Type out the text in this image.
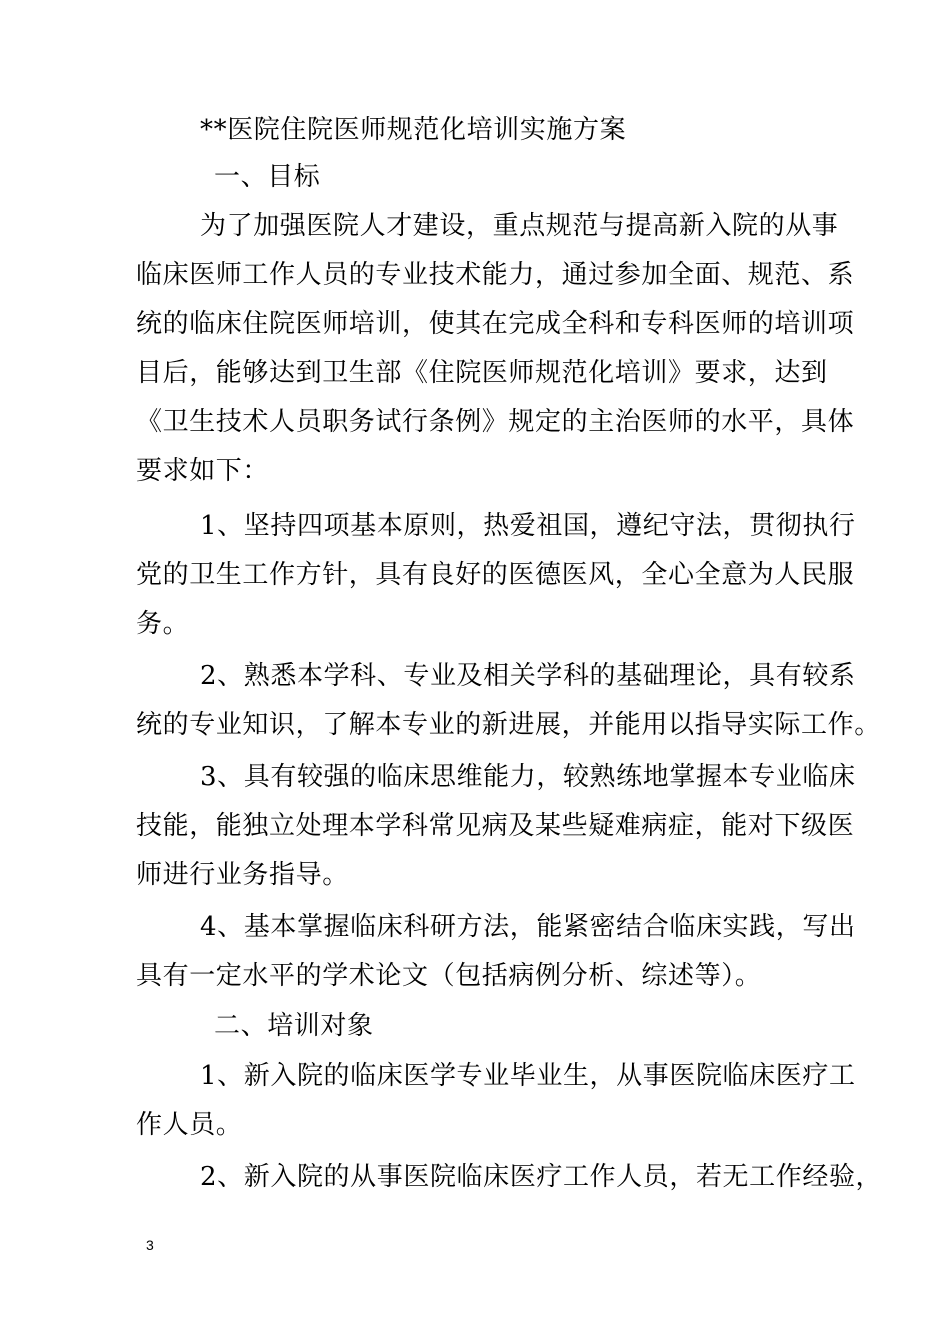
**医院住院医师规范化培训实施方案
一、目标
为了加强医院人才建设，重点规范与提高新入院的从事
临床医师工作人员的专业技术能力，通过参加全面、规范、系
统的临床住院医师培训，使其在完成全科和专科医师的培训项
目后，能够达到卫生部《住院医师规范化培训》要求，达到
《卫生技术人员职务试行条例》规定的主治医师的水平，具体
要求如下：
1、坚持四项基本原则，热爱祖国，遵纪守法，贯彻执行
党的卫生工作方针，具有良好的医德医风，全心全意为人民服
务。
2、熟悉本学科、专业及相关学科的基础理论，具有较系
统的专业知识，了解本专业的新进展，并能用以指导实际工作。
3、具有较强的临床思维能力，较熟练地掌握本专业临床
技能，能独立处理本学科常见病及某些疑难病症，能对下级医
师进行业务指导。
4、基本掌握临床科研方法，能紧密结合临床实践，写出
具有一定水平的学术论文（包括病例分析、综述等）。
二、培训对象
1、新入院的临床医学专业毕业生，从事医院临床医疗工
作人员。
2、新入院的从事医院临床医疗工作人员，若无工作经验，
3
